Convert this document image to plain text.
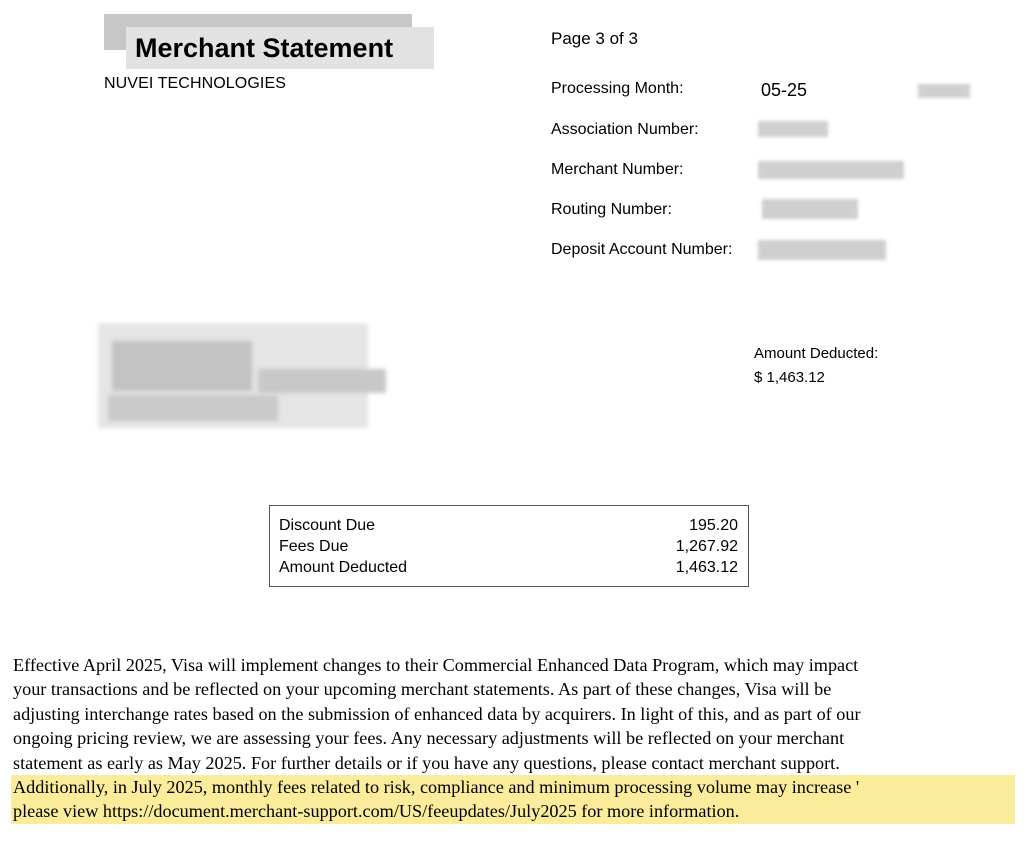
Merchant Statement
NUVEI TECHNOLOGIES
Page 3 of 3
Processing Month:	05-25
Association Number:
Merchant Number:
Routing Number:
Deposit Account Number:
Amount Deducted:
$ 1,463.12
Discount Due	195.20
Fees Due	1,267.92
Amount Deducted	1,463.12
Effective April 2025, Visa will implement changes to their Commercial Enhanced Data Program, which may impact
your transactions and be reflected on your upcoming merchant statements. As part of these changes, Visa will be
adjusting interchange rates based on the submission of enhanced data by acquirers. In light of this, and as part of our
ongoing pricing review, we are assessing your fees. Any necessary adjustments will be reflected on your merchant
statement as early as May 2025. For further details or if you have any questions, please contact merchant support.
Additionally, in July 2025, monthly fees related to risk, compliance and minimum processing volume may increase '
please view https://document.merchant-support.com/US/feeupdates/July2025 for more information.
